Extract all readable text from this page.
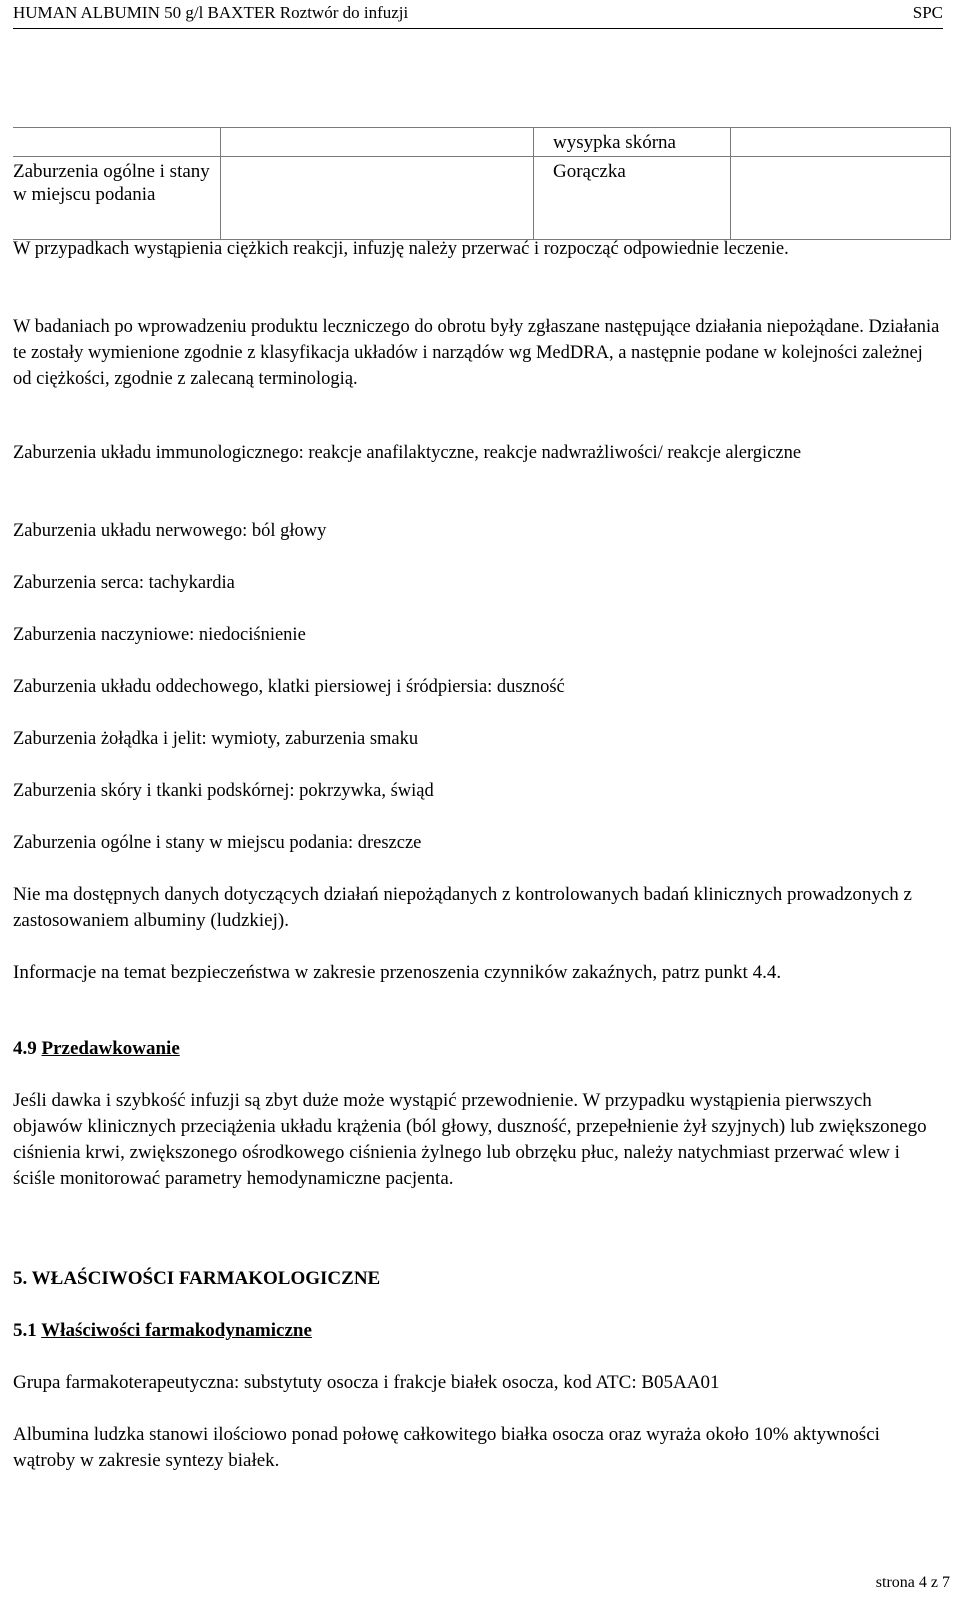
HUMAN ALBUMIN 50 g/l BAXTER Roztwór do infuzji	SPC
wysypka skórna
Zaburzenia ogólne i stany w miejscu podania
Gorączka

W przypadkach wystąpienia ciężkich reakcji, infuzję należy przerwać i rozpocząć odpowiednie leczenie.

W badaniach po wprowadzeniu produktu leczniczego do obrotu były zgłaszane następujące działania niepożądane. Działania te zostały wymienione zgodnie z klasyfikacja układów i narządów wg MedDRA, a następnie podane w kolejności zależnej od ciężkości, zgodnie z zalecaną terminologią.

Zaburzenia układu immunologicznego: reakcje anafilaktyczne, reakcje nadwrażliwości/ reakcje alergiczne

Zaburzenia układu nerwowego: ból głowy

Zaburzenia serca: tachykardia

Zaburzenia naczyniowe: niedociśnienie

Zaburzenia układu oddechowego, klatki piersiowej i śródpiersia: duszność

Zaburzenia żołądka i jelit: wymioty, zaburzenia smaku

Zaburzenia skóry i tkanki podskórnej: pokrzywka, świąd

Zaburzenia ogólne i stany w miejscu podania: dreszcze

Nie ma dostępnych danych dotyczących działań niepożądanych z kontrolowanych badań klinicznych prowadzonych z zastosowaniem albuminy (ludzkiej).

Informacje na temat bezpieczeństwa w zakresie przenoszenia czynników zakaźnych, patrz punkt 4.4.

4.9 Przedawkowanie

Jeśli dawka i szybkość infuzji są zbyt duże może wystąpić przewodnienie. W przypadku wystąpienia pierwszych objawów klinicznych przeciążenia układu krążenia (ból głowy, duszność, przepełnienie żył szyjnych) lub zwiększonego ciśnienia krwi, zwiększonego ośrodkowego ciśnienia żylnego lub obrzęku płuc, należy natychmiast przerwać wlew i ściśle monitorować parametry hemodynamiczne pacjenta.

5. WŁAŚCIWOŚCI FARMAKOLOGICZNE

5.1 Właściwości farmakodynamiczne

Grupa farmakoterapeutyczna: substytuty osocza i frakcje białek osocza, kod ATC: B05AA01

Albumina ludzka stanowi ilościowo ponad połowę całkowitego białka osocza oraz wyraża około 10% aktywności wątroby w zakresie syntezy białek.

strona 4 z 7
